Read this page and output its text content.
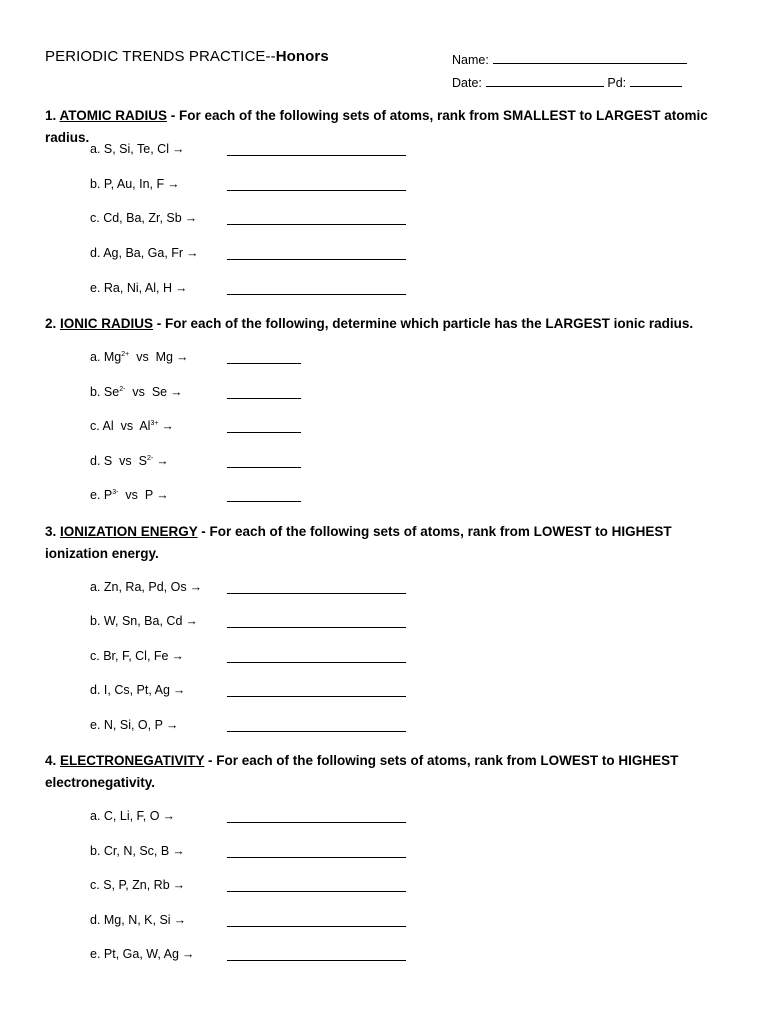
PERIODIC TRENDS PRACTICE--Honors	Name:
Date:	Pd:
1. ATOMIC RADIUS - For each of the following sets of atoms, rank from SMALLEST to LARGEST atomic radius.
a. S, Si, Te, Cl →
b. P, Au, In, F →
c. Cd, Ba, Zr, Sb →
d. Ag, Ba, Ga, Fr →
e. Ra, Ni, Al, H →
2. IONIC RADIUS - For each of the following, determine which particle has the LARGEST ionic radius.
a. $Mg^{2+}$  vs  Mg →
b. $Se^{2-}$  vs  Se →
c. Al  vs  $Al^{3+}$ →
d. S  vs  $S^{2-}$ →
e. $P^{3-}$  vs  P →
3. IONIZATION ENERGY - For each of the following sets of atoms, rank from LOWEST to HIGHEST ionization energy.
a. Zn, Ra, Pd, Os →
b. W, Sn, Ba, Cd →
c. Br, F, Cl, Fe →
d. I, Cs, Pt, Ag →
e. N, Si, O, P →
4. ELECTRONEGATIVITY - For each of the following sets of atoms, rank from LOWEST to HIGHEST electronegativity.
a. C, Li, F, O →
b. Cr, N, Sc, B →
c. S, P, Zn, Rb →
d. Mg, N, K, Si →
e. Pt, Ga, W, Ag →
